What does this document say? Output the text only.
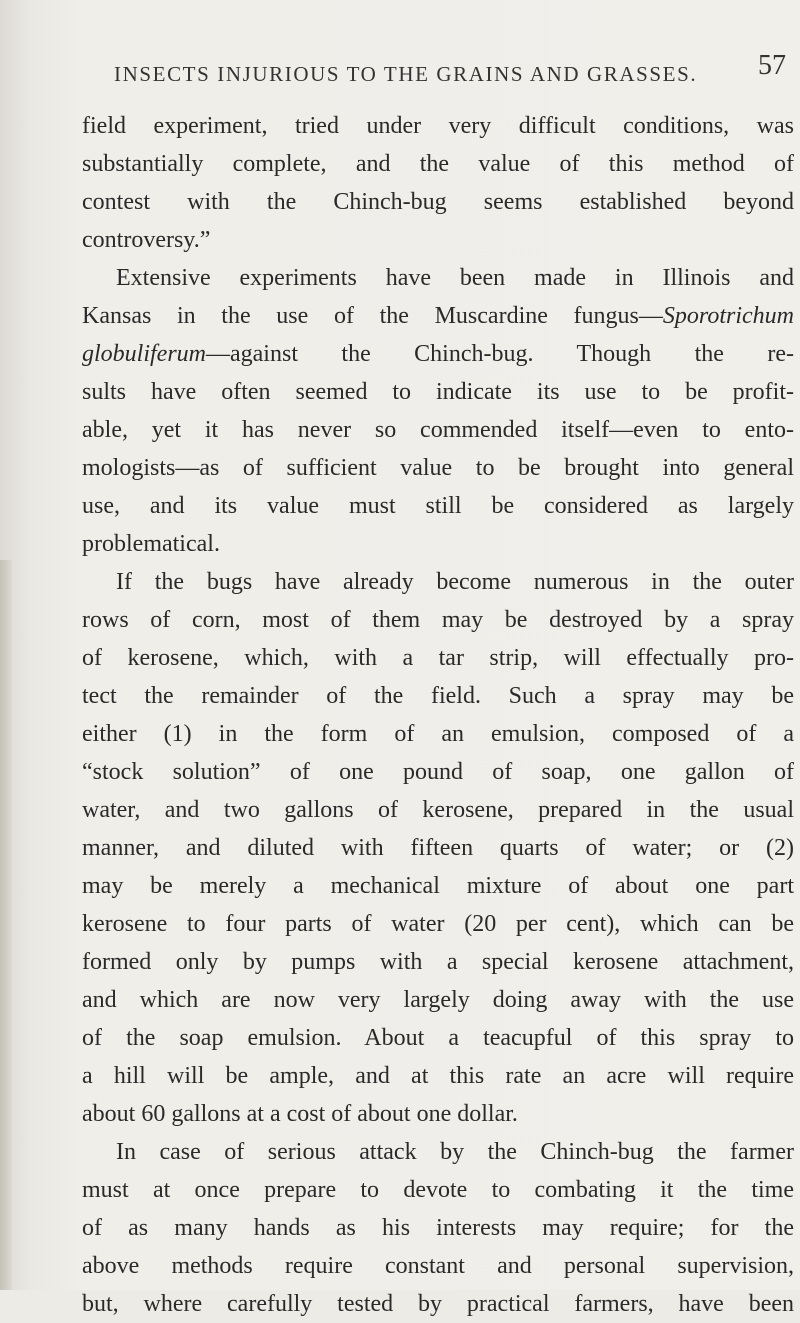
INSECTS INJURIOUS TO THE GRAINS AND GRASSES. 57
field experiment, tried under very difficult conditions, was
substantially complete, and the value of this method of
contest with the Chinch-bug seems established beyond
controversy.”
Extensive experiments have been made in Illinois and
Kansas in the use of the Muscardine fungus—Sporotrichum
globuliferum—against the Chinch-bug. Though the re-
sults have often seemed to indicate its use to be profit-
able, yet it has never so commended itself—even to ento-
mologists—as of sufficient value to be brought into general
use, and its value must still be considered as largely
problematical.
If the bugs have already become numerous in the outer
rows of corn, most of them may be destroyed by a spray
of kerosene, which, with a tar strip, will effectually pro-
tect the remainder of the field. Such a spray may be
either (1) in the form of an emulsion, composed of a
“stock solution” of one pound of soap, one gallon of
water, and two gallons of kerosene, prepared in the usual
manner, and diluted with fifteen quarts of water; or (2)
may be merely a mechanical mixture of about one part
kerosene to four parts of water (20 per cent), which can be
formed only by pumps with a special kerosene attachment,
and which are now very largely doing away with the use
of the soap emulsion. About a teacupful of this spray to
a hill will be ample, and at this rate an acre will require
about 60 gallons at a cost of about one dollar.
In case of serious attack by the Chinch-bug the farmer
must at once prepare to devote to combating it the time
of as many hands as his interests may require; for the
above methods require constant and personal supervision,
but, where carefully tested by practical farmers, have been
